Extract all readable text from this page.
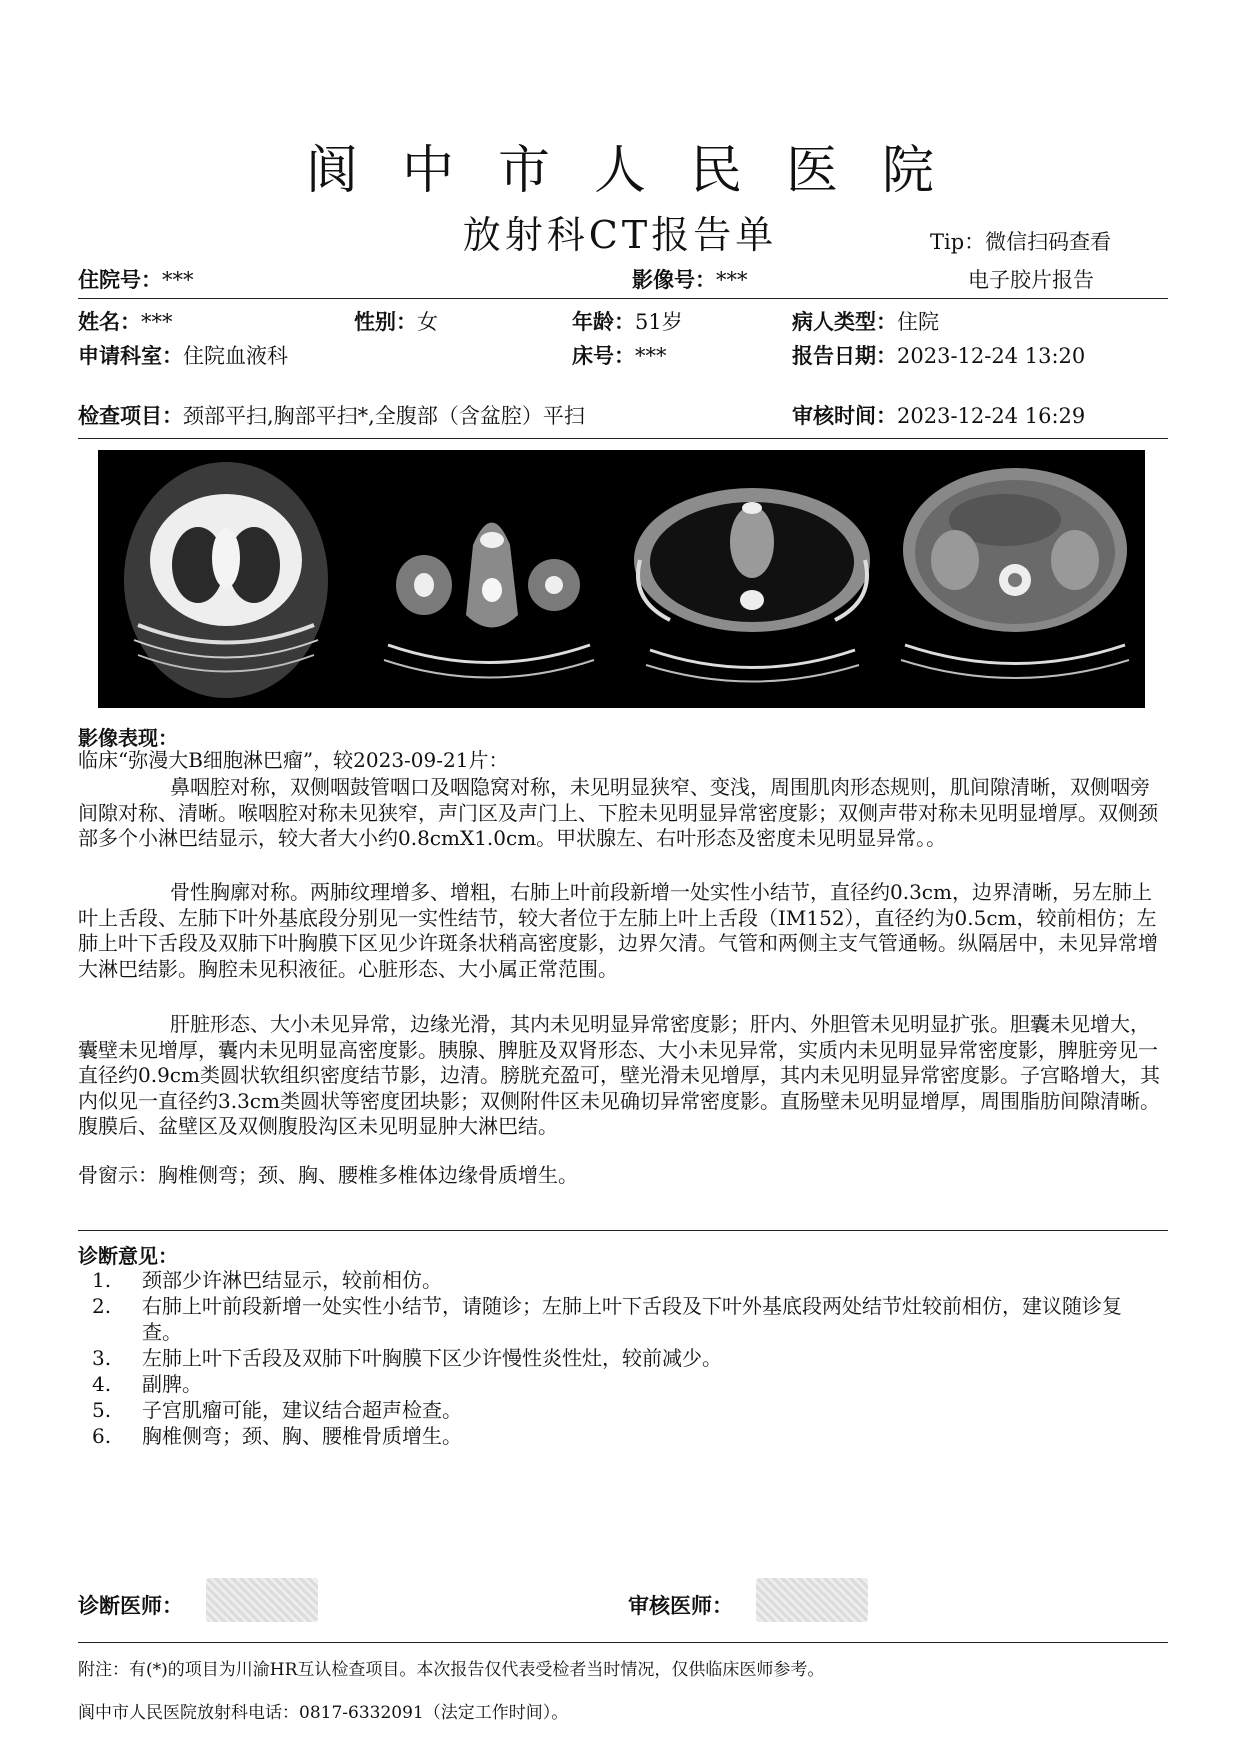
阆中市人民医院
放射科CT报告单	Tip：微信扫码查看
电子胶片报告
住院号：***	影像号：***
姓名：***	性别：女	年龄：51岁	病人类型：住院
申请科室：住院血液科	床号：***	报告日期：2023-12-24 13:20
检查项目：颈部平扫,胸部平扫*,全腹部（含盆腔）平扫	审核时间：2023-12-24 16:29
影像表现：
临床“弥漫大B细胞淋巴瘤”，较2023-09-21片：
鼻咽腔对称，双侧咽鼓管咽口及咽隐窝对称，未见明显狭窄、变浅，周围肌肉形态规则，肌间隙清晰，双侧咽旁间隙对称、清晰。喉咽腔对称未见狭窄，声门区及声门上、下腔未见明显异常密度影；双侧声带对称未见明显增厚。双侧颈部多个小淋巴结显示，较大者大小约0.8cmX1.0cm。甲状腺左、右叶形态及密度未见明显异常。。
骨性胸廓对称。两肺纹理增多、增粗，右肺上叶前段新增一处实性小结节，直径约0.3cm，边界清晰，另左肺上叶上舌段、左肺下叶外基底段分别见一实性结节，较大者位于左肺上叶上舌段（IM152），直径约为0.5cm，较前相仿；左肺上叶下舌段及双肺下叶胸膜下区见少许斑条状稍高密度影，边界欠清。气管和两侧主支气管通畅。纵隔居中，未见异常增大淋巴结影。胸腔未见积液征。心脏形态、大小属正常范围。
肝脏形态、大小未见异常，边缘光滑，其内未见明显异常密度影；肝内、外胆管未见明显扩张。胆囊未见增大，囊壁未见增厚，囊内未见明显高密度影。胰腺、脾脏及双肾形态、大小未见异常，实质内未见明显异常密度影，脾脏旁见一直径约0.9cm类圆状软组织密度结节影，边清。膀胱充盈可，壁光滑未见增厚，其内未见明显异常密度影。子宫略增大，其内似见一直径约3.3cm类圆状等密度团块影；双侧附件区未见确切异常密度影。直肠壁未见明显增厚，周围脂肪间隙清晰。腹膜后、盆壁区及双侧腹股沟区未见明显肿大淋巴结。
骨窗示：胸椎侧弯；颈、胸、腰椎多椎体边缘骨质增生。
诊断意见：
1.	颈部少许淋巴结显示，较前相仿。
2.	右肺上叶前段新增一处实性小结节，请随诊；左肺上叶下舌段及下叶外基底段两处结节灶较前相仿，建议随诊复查。
3.	左肺上叶下舌段及双肺下叶胸膜下区少许慢性炎性灶，较前减少。
4.	副脾。
5.	子宫肌瘤可能，建议结合超声检查。
6.	胸椎侧弯；颈、胸、腰椎骨质增生。
诊断医师：	审核医师：
附注：有(*)的项目为川渝HR互认检查项目。本次报告仅代表受检者当时情况，仅供临床医师参考。
阆中市人民医院放射科电话：0817-6332091（法定工作时间）。
